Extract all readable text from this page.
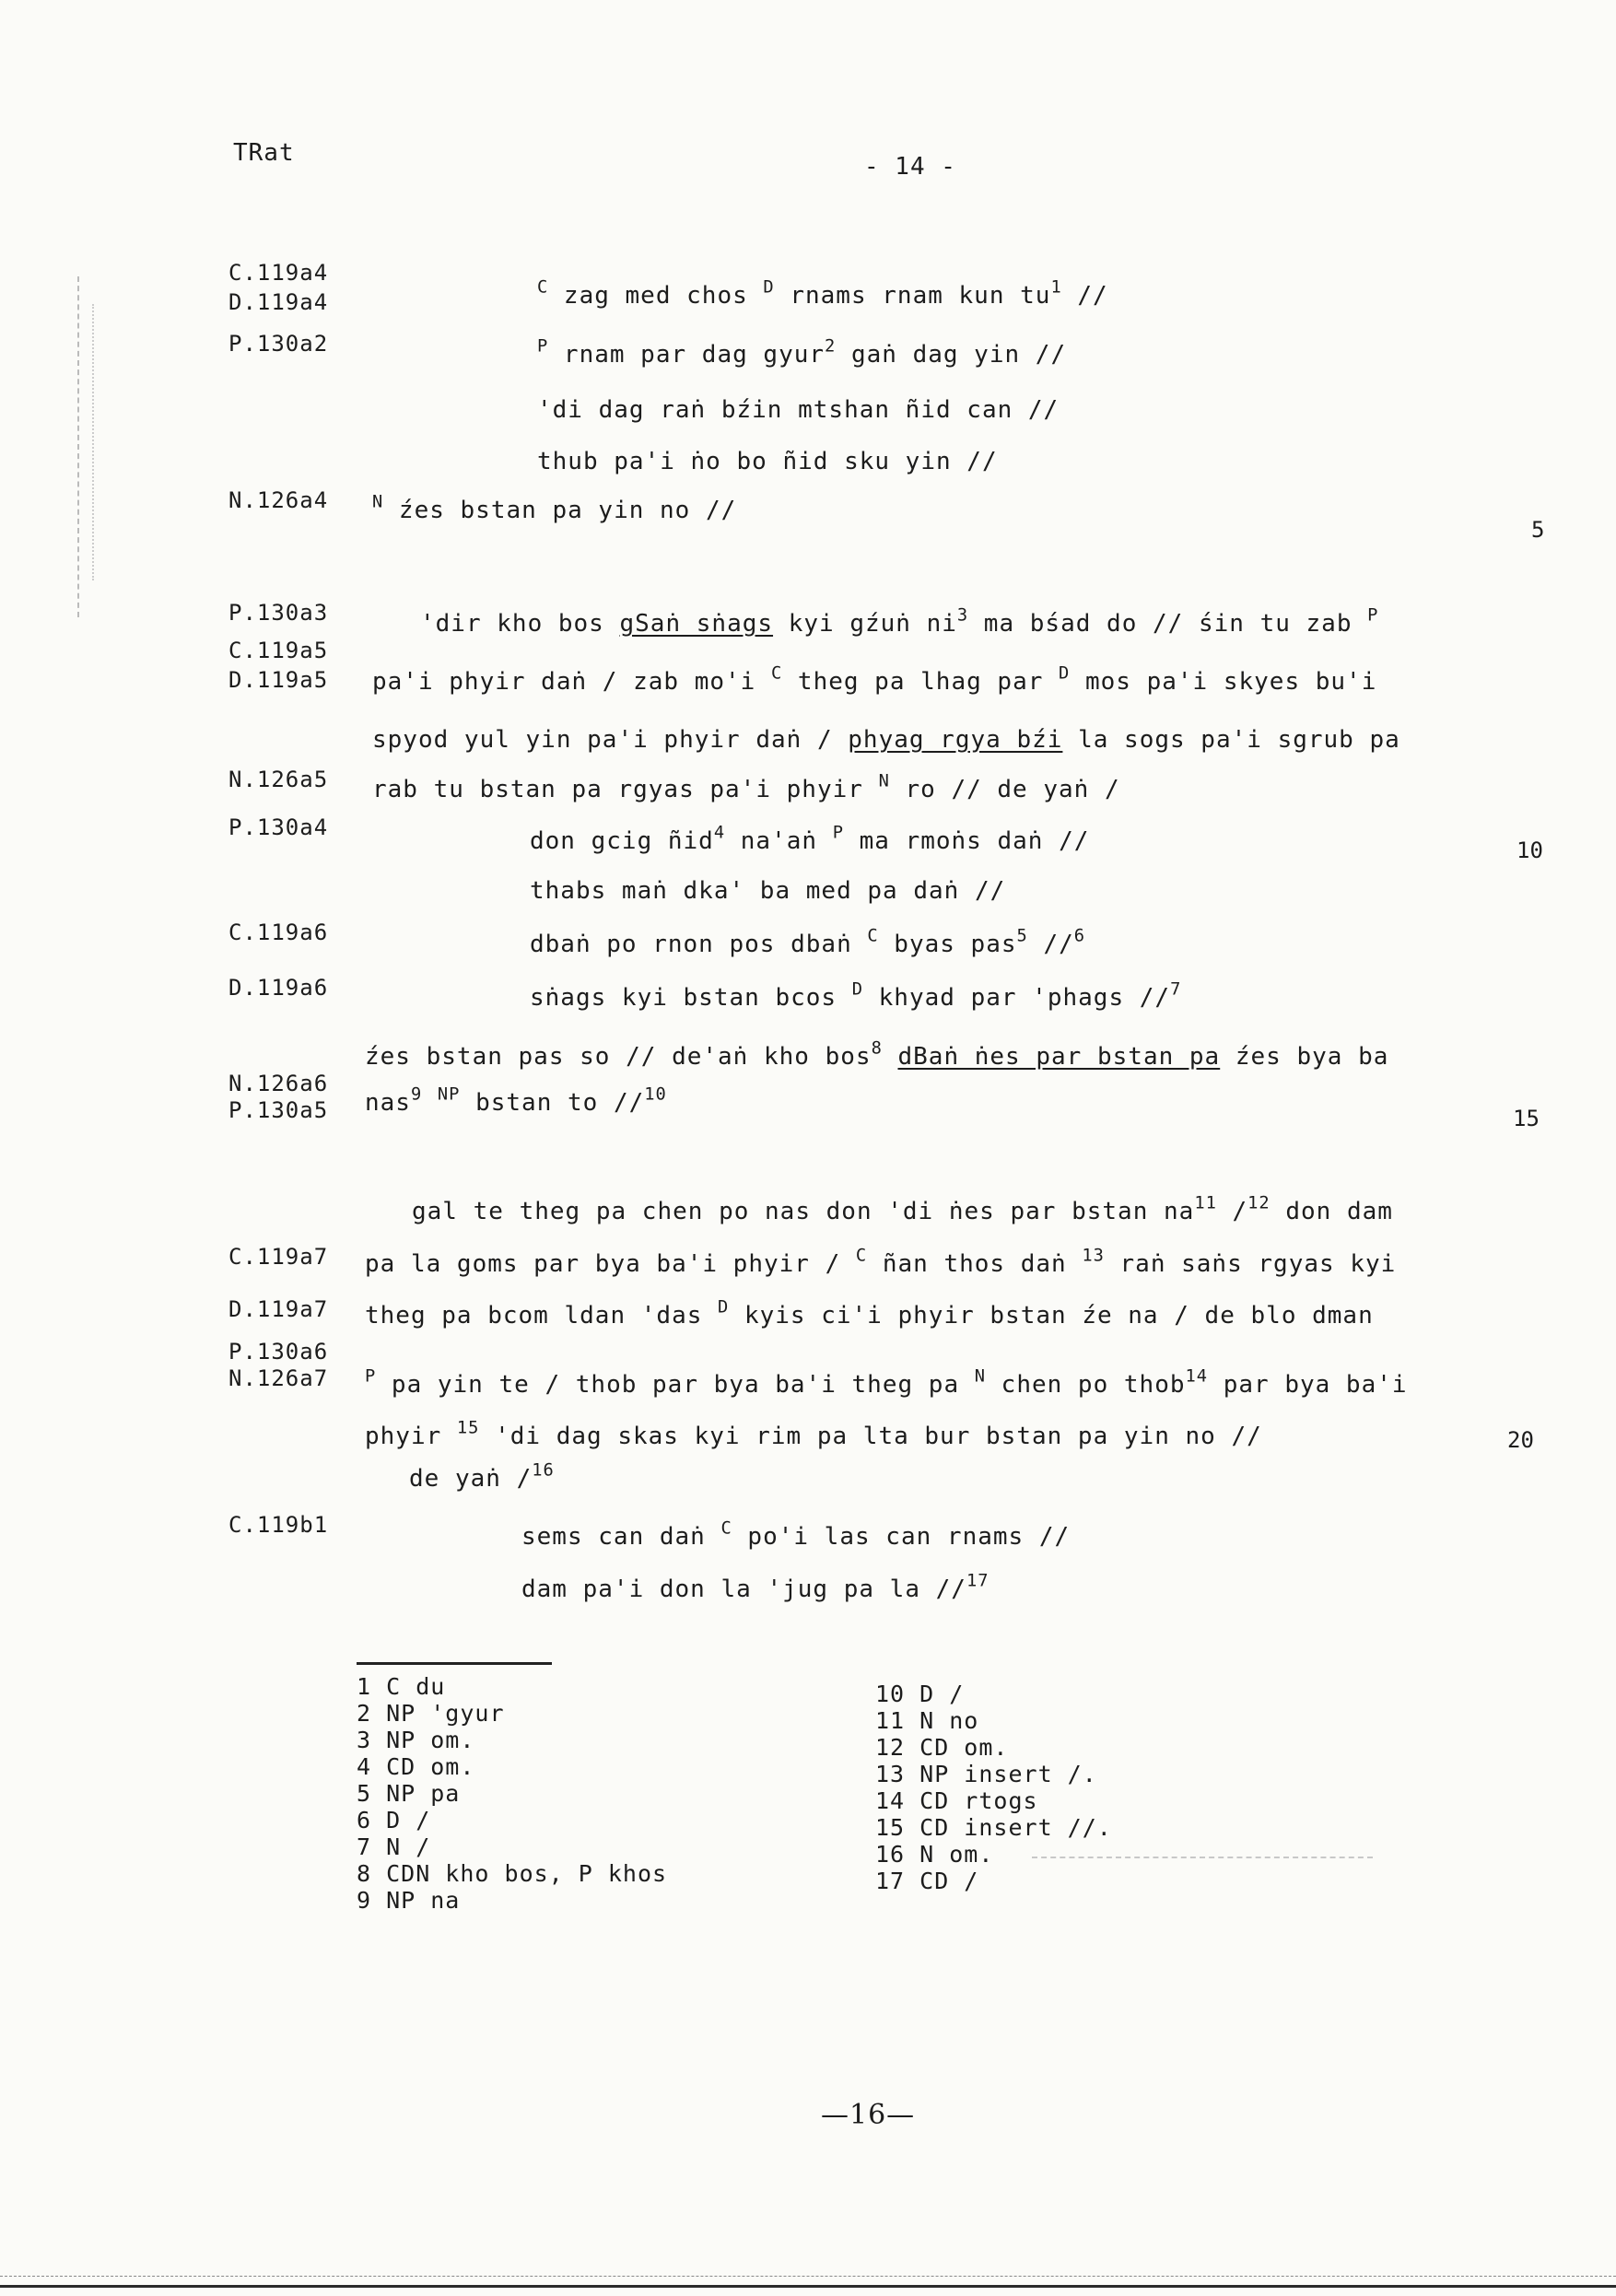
TRat	- 14 -
C.119a4
D.119a4
P.130a2
N.126a4
P.130a3
C.119a5
D.119a5
N.126a5
P.130a4
C.119a6
D.119a6
N.126a6
P.130a5
C.119a7
D.119a7
P.130a6
N.126a7
C.119b1
5
10
15
20
$^C$ zag med chos $^D$ rnams rnam kun $tu^1$ //
$^P$ rnam par dag gyur$^2$ gaṅ dag yin //
'di dag raṅ bźin mtshan ñid can //
thub pa'i ṅo bo ñid sku yin //
$^N$ źes bstan pa yin no //
'dir kho bos gSaṅ sṅags kyi gźuṅ $ni^3$ ma bśad do // śin tu zab $^P$
pa'i phyir daṅ / zab mo'i $^C$ theg pa lhag par $^D$ mos pa'i skyes bu'i
spyod yul yin pa'i phyir daṅ / phyag rgya bźi la sogs pa'i sgrub pa
rab tu bstan pa rgyas pa'i phyir $^N$ ro // de yaṅ /
don gcig ñid$^4$ na'aṅ $^P$ ma rmoṅs daṅ //
thabs maṅ dka' ba med pa daṅ //
dbaṅ po rnon pos dbaṅ $^C$ byas pas$^5$ //$^6$
sṅags kyi bstan bcos $^D$ khyad par 'phags //$^7$
źes bstan pas so // de'aṅ kho bos$^8$ dBaṅ ṅes par bstan pa źes bya ba
nas$^9$ $^{NP}$ bstan to //$^{10}$
gal te theg pa chen po nas don 'di ṅes par bstan $na^{11}$ /$^{12}$ don dam
pa la goms par bya ba'i phyir / $^C$ ñan thos daṅ $^{13}$ raṅ saṅs rgyas kyi
theg pa bcom ldan 'das $^D$ kyis ci'i phyir bstan źe na / de blo dman
$^P$ pa yin te / thob par bya ba'i theg pa $^N$ chen po thob$^{14}$ par bya ba'i
phyir $^{15}$ 'di dag skas kyi rim pa lta bur bstan pa yin no //
de yaṅ /$^{16}$
sems can daṅ $^C$ po'i las can rnams //
dam pa'i don la 'jug pa la //$^{17}$
1 C du
2 NP 'gyur
3 NP om.
4 CD om.
5 NP pa
6 D /
7 N /
8 CDN kho bos, P khos
9 NP na
10 D /
11 N no
12 CD om.
13 NP insert /.
14 CD rtogs
15 CD insert //.
16 N om.
17 CD /
—16—
